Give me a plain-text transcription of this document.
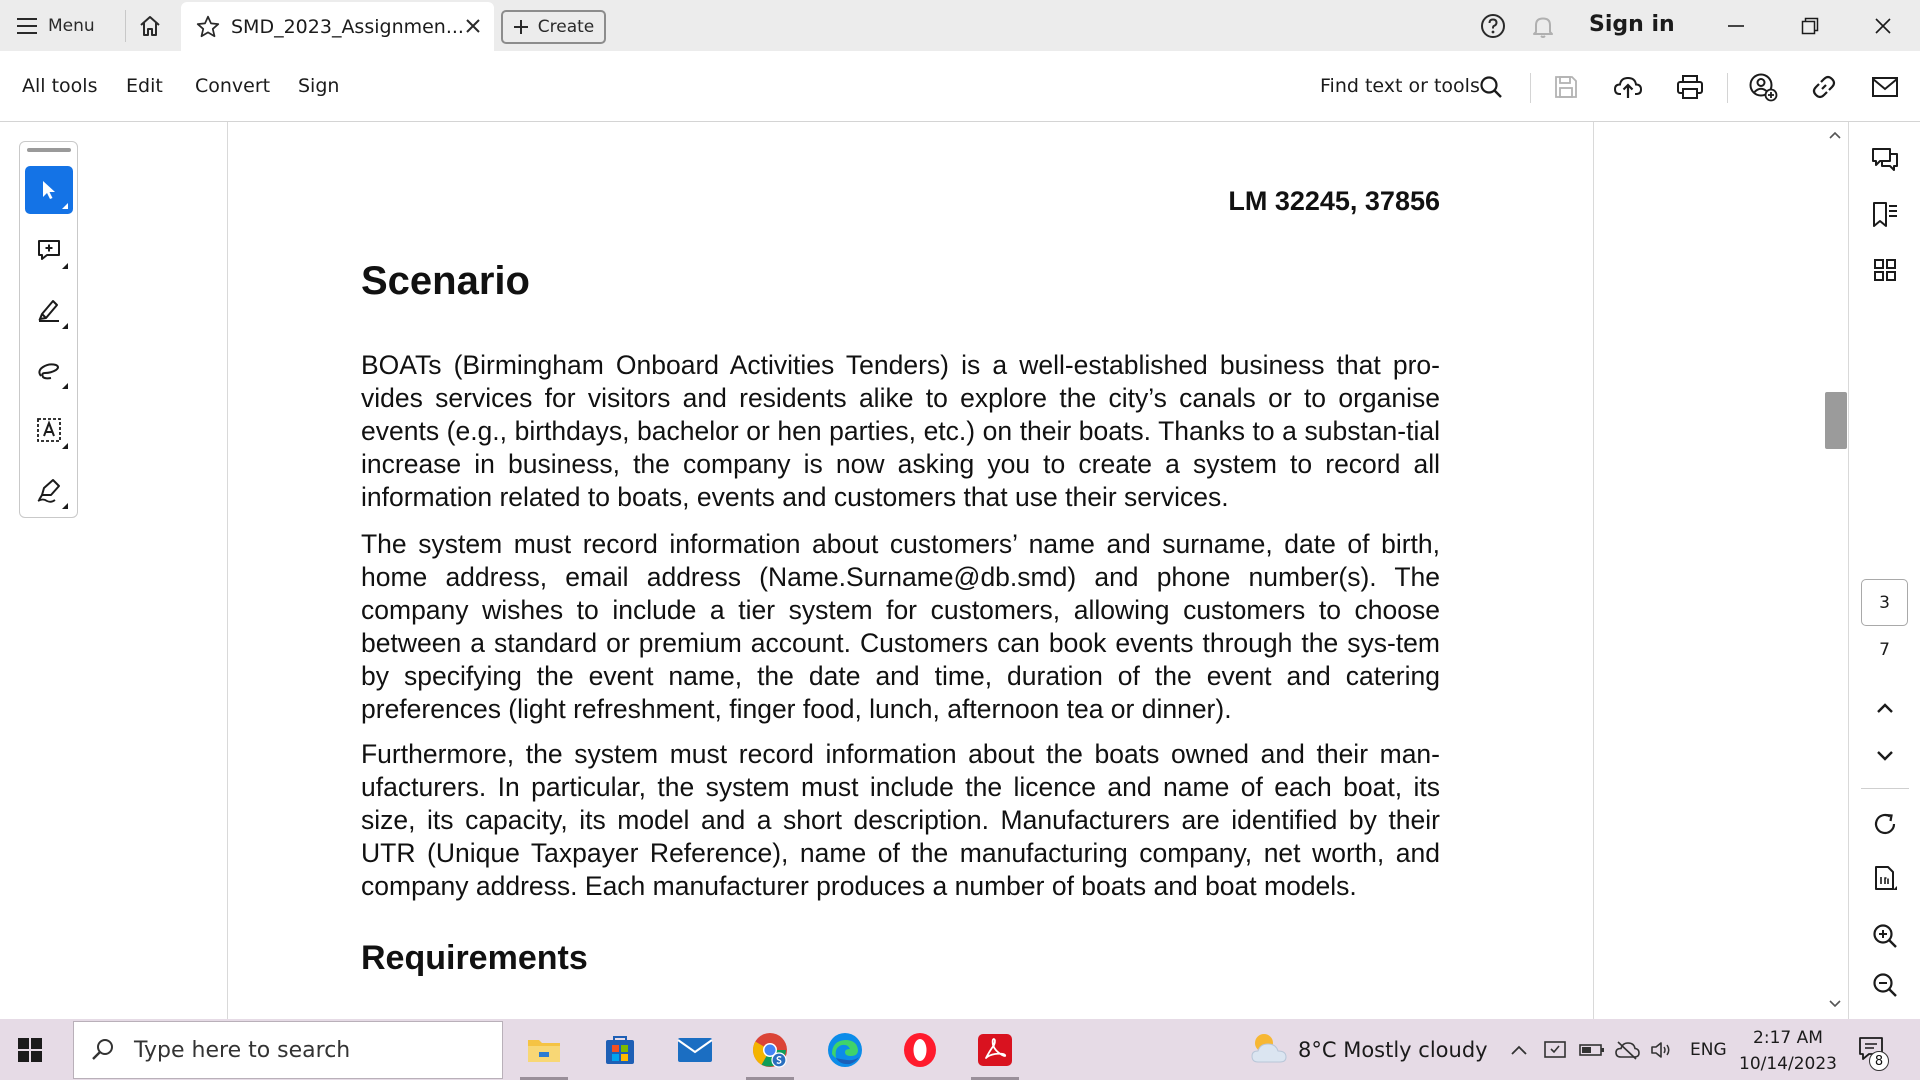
Menu	SMD_2023_Assignmen...	Create	Sign in
All tools Edit Convert Sign	Find text or tools
LM 32245, 37856
Scenario

BOATs (Birmingham Onboard Activities Tenders) is a well-established business that pro-vides services for visitors and residents alike to explore the city’s canals or to organise events (e.g., birthdays, bachelor or hen parties, etc.) on their boats. Thanks to a substan-tial increase in business, the company is now asking you to create a system to record all information related to boats, events and customers that use their services.

The system must record information about customers’ name and surname, date of birth, home address, email address (Name.Surname@db.smd) and phone number(s). The company wishes to include a tier system for customers, allowing customers to choose between a standard or premium account. Customers can book events through the sys-tem by specifying the event name, the date and time, duration of the event and catering preferences (light refreshment, finger food, lunch, afternoon tea or dinner).

Furthermore, the system must record information about the boats owned and their man-ufacturers. In particular, the system must include the licence and name of each boat, its size, its capacity, its model and a short description. Manufacturers are identified by their UTR (Unique Taxpayer Reference), name of the manufacturing company, net worth, and company address. Each manufacturer produces a number of boats and boat models.

Requirements
3
7
Type here to search	8°C Mostly cloudy	ENG
2:17 AM
10/14/2023	8
